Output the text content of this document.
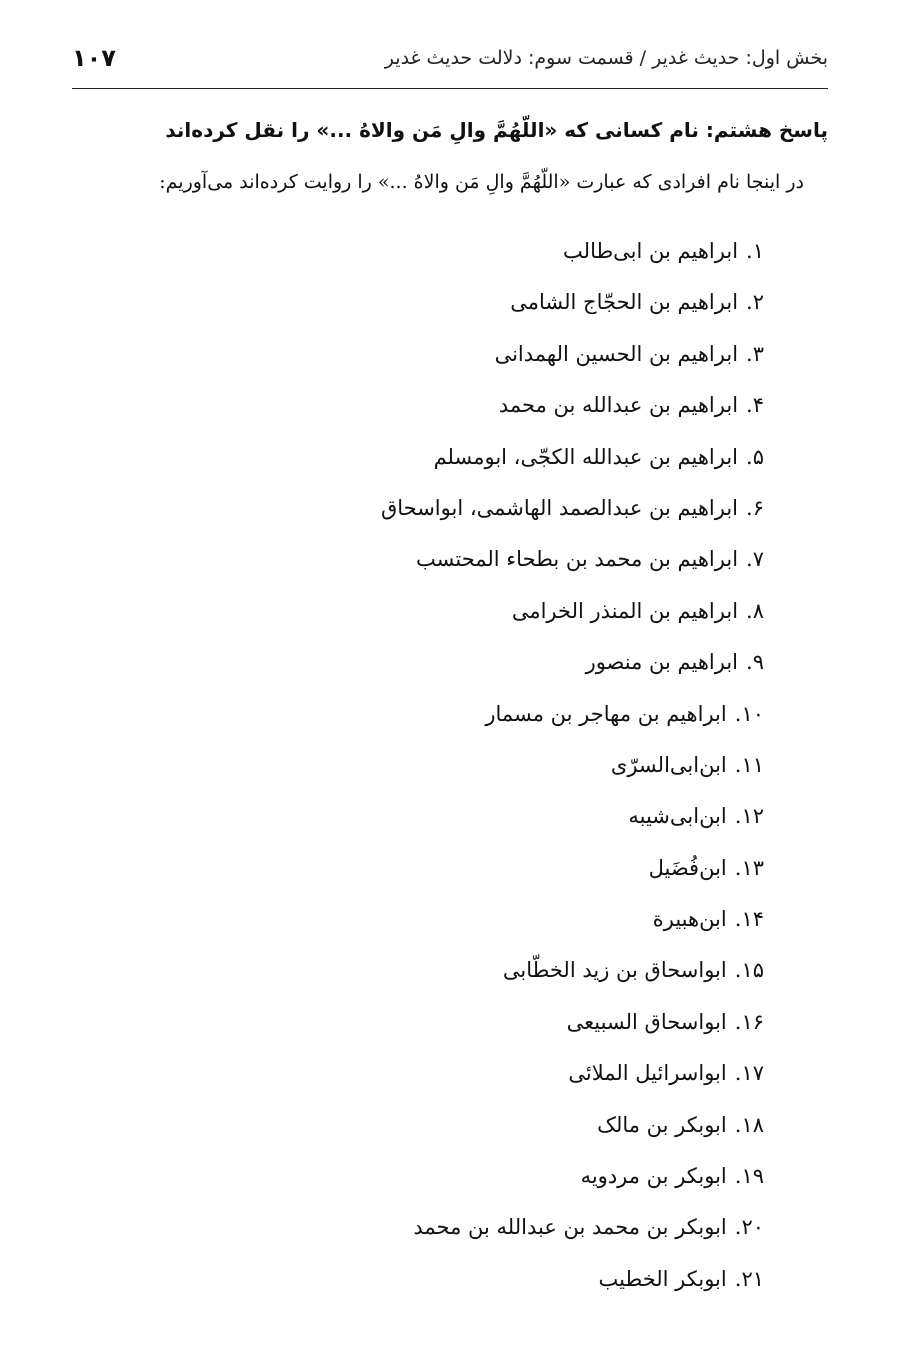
بخش اول: حدیث غدیر / قسمت سوم: دلالت حدیث غدیر
۱۰۷
پاسخ هشتم: نام کسانی که «اللّهُمَّ والِ مَن والاهُ ...» را نقل کرده‌اند
در اینجا نام افرادی که عبارت «اللّهُمَّ والِ مَن والاهُ ...» را روایت کرده‌اند می‌آوریم:
۱.ابراهیم بن ابی‌طالب
۲.ابراهیم بن الحجّاج الشامی
۳.ابراهیم بن الحسین الهمدانی
۴.ابراهیم بن عبدالله بن محمد
۵.ابراهیم بن عبدالله الکجّی، ابومسلم
۶.ابراهیم بن عبدالصمد الهاشمی، ابواسحاق
۷.ابراهیم بن محمد بن بطحاء المحتسب
۸.ابراهیم بن المنذر الخرامی
۹.ابراهیم بن منصور
۱۰.ابراهیم بن مهاجر بن مسمار
۱۱.ابن‌ابی‌السرّی
۱۲.ابن‌ابی‌شیبه
۱۳.ابن‌فُضَیل
۱۴.ابن‌هبیرة
۱۵.ابواسحاق بن زید الخطّابی
۱۶.ابواسحاق السبیعی
۱۷.ابواسرائیل الملائی
۱۸.ابوبکر بن مالک
۱۹.ابوبکر بن مردویه
۲۰.ابوبکر بن محمد بن عبدالله بن محمد
۲۱.ابوبکر الخطیب
